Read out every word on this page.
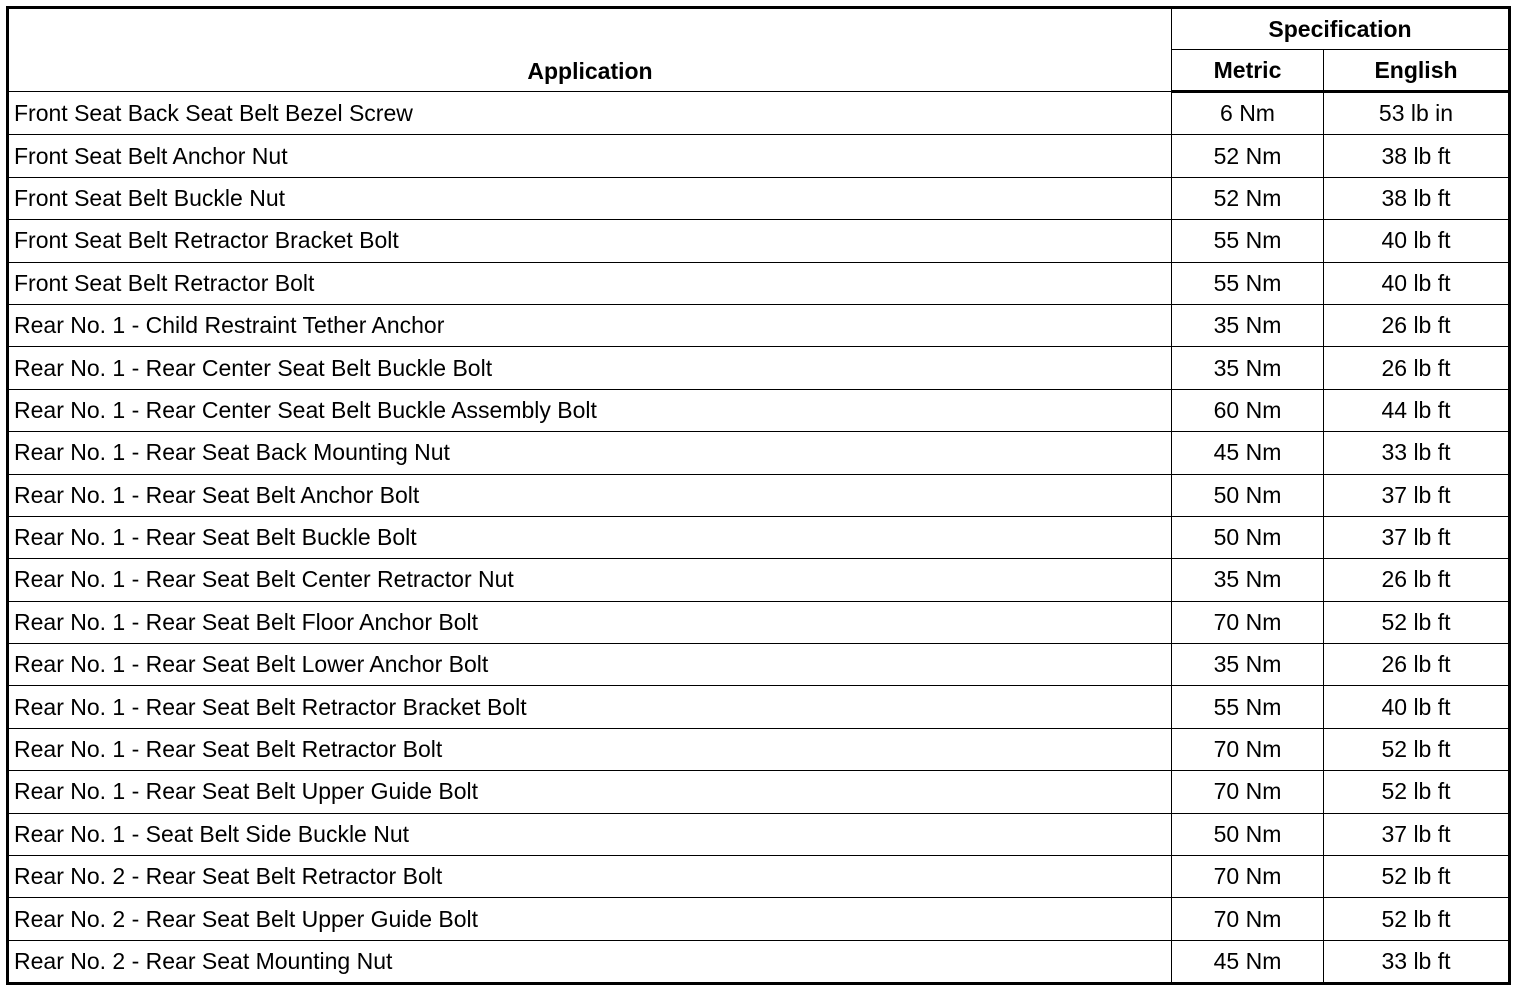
Application	Specification	
	Metric	English
Front Seat Back Seat Belt Bezel Screw	6 Nm	53 lb in
Front Seat Belt Anchor Nut	52 Nm	38 lb ft
Front Seat Belt Buckle Nut	52 Nm	38 lb ft
Front Seat Belt Retractor Bracket Bolt	55 Nm	40 lb ft
Front Seat Belt Retractor Bolt	55 Nm	40 lb ft
Rear No. 1 - Child Restraint Tether Anchor	35 Nm	26 lb ft
Rear No. 1 - Rear Center Seat Belt Buckle Bolt	35 Nm	26 lb ft
Rear No. 1 - Rear Center Seat Belt Buckle Assembly Bolt	60 Nm	44 lb ft
Rear No. 1 - Rear Seat Back Mounting Nut	45 Nm	33 lb ft
Rear No. 1 - Rear Seat Belt Anchor Bolt	50 Nm	37 lb ft
Rear No. 1 - Rear Seat Belt Buckle Bolt	50 Nm	37 lb ft
Rear No. 1 - Rear Seat Belt Center Retractor Nut	35 Nm	26 lb ft
Rear No. 1 - Rear Seat Belt Floor Anchor Bolt	70 Nm	52 lb ft
Rear No. 1 - Rear Seat Belt Lower Anchor Bolt	35 Nm	26 lb ft
Rear No. 1 - Rear Seat Belt Retractor Bracket Bolt	55 Nm	40 lb ft
Rear No. 1 - Rear Seat Belt Retractor Bolt	70 Nm	52 lb ft
Rear No. 1 - Rear Seat Belt Upper Guide Bolt	70 Nm	52 lb ft
Rear No. 1 - Seat Belt Side Buckle Nut	50 Nm	37 lb ft
Rear No. 2 - Rear Seat Belt Retractor Bolt	70 Nm	52 lb ft
Rear No. 2 - Rear Seat Belt Upper Guide Bolt	70 Nm	52 lb ft
Rear No. 2 - Rear Seat Mounting Nut	45 Nm	33 lb ft
